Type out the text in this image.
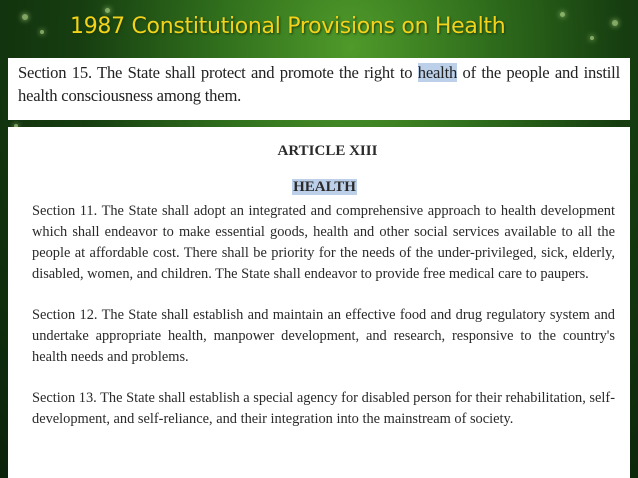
1987 Constitutional Provisions on Health
Section 15. The State shall protect and promote the right to health of the people and instill health consciousness among them.
ARTICLE XIII
HEALTH

Section 11. The State shall adopt an integrated and comprehensive approach to health development which shall endeavor to make essential goods, health and other social services available to all the people at affordable cost. There shall be priority for the needs of the under-privileged, sick, elderly, disabled, women, and children. The State shall endeavor to provide free medical care to paupers.

Section 12. The State shall establish and maintain an effective food and drug regulatory system and undertake appropriate health, manpower development, and research, responsive to the country's health needs and problems.

Section 13. The State shall establish a special agency for disabled person for their rehabilitation, self-development, and self-reliance, and their integration into the mainstream of society.
